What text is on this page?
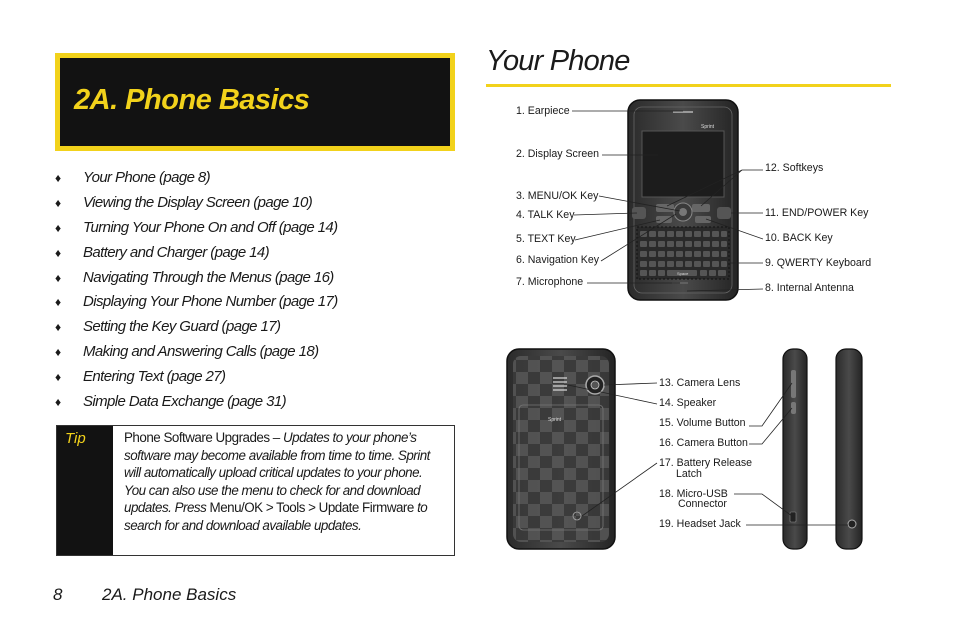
2A. Phone Basics
♦ Your Phone (page 8)
♦ Viewing the Display Screen (page 10)
♦ Turning Your Phone On and Off (page 14)
♦ Battery and Charger (page 14)
♦ Navigating Through the Menus (page 16)
♦ Displaying Your Phone Number (page 17)
♦ Setting the Key Guard (page 17)
♦ Making and Answering Calls (page 18)
♦ Entering Text (page 27)
♦ Simple Data Exchange (page 31)
Tip	Phone Software Upgrades – Updates to your phone’s software may become available from time to time. Sprint will automatically upload critical updates to your phone. You can also use the menu to check for and download updates. Press Menu/OK > Tools > Update Firmware to search for and download available updates.
8 2A. Phone Basics
Your Phone
Sprint
Space
Sprint
1. Earpiece
2. Display Screen
3. MENU/OK Key
4. TALK Key
5. TEXT Key
6. Navigation Key
7. Microphone
12. Softkeys
11. END/POWER Key
10. BACK Key
9. QWERTY Keyboard
8. Internal Antenna
13. Camera Lens
14. Speaker
15. Volume Button
16. Camera Button
17. Battery Release
Latch
18. Micro-USB
Connector
19. Headset Jack
